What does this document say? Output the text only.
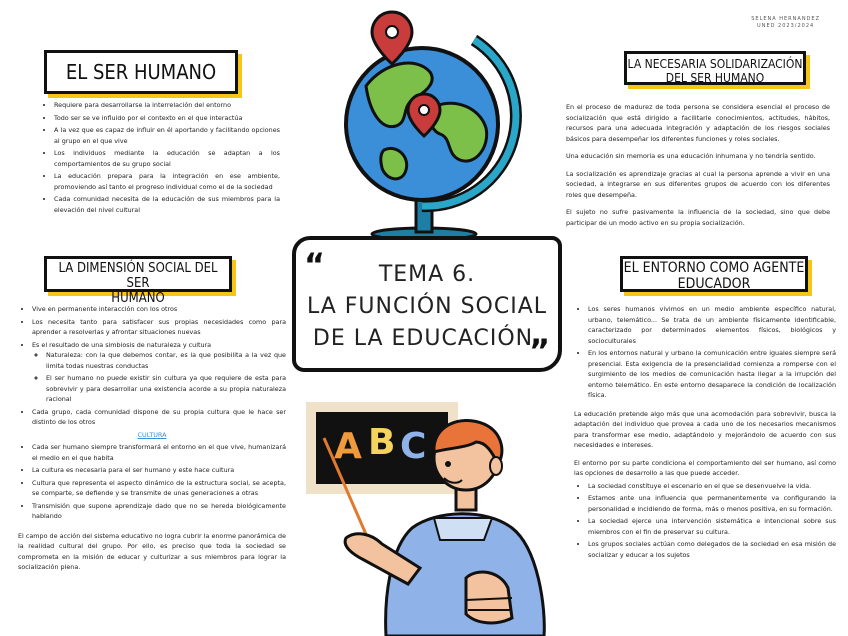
SELENA HERNANDEZ
UNED 2023/2024
EL SER HUMANO
• Requiere para desarrollarse la interrelación del entorno
• Todo ser se ve influido por el contexto en el que interactúa
• A la vez que es capaz de influir en él aportando y facilitando opciones al grupo en el que vive
• Los individuos mediante la educación se adaptan a los comportamientos de su grupo social
• La educación prepara para la integración en ese ambiente, promoviendo así tanto el progreso individual como el de la sociedad
• Cada comunidad necesita de la educación de sus miembros para la elevación del nivel cultural
LA DIMENSIÓN SOCIAL DEL SER
HUMANO
• Vive en permanente interacción con los otros
• Los necesita tanto para satisfacer sus propias necesidades como para aprender a resolverlas y afrontar situaciones nuevas
• Es el resultado de una simbiosis de naturaleza y cultura
◦ Naturaleza: con la que debemos contar, es la que posibilita a la vez que limita todas nuestras conductas
◦ El ser humano no puede existir sin cultura ya que requiere de esta para sobrevivir y para desarrollar una existencia acorde a su propia naturaleza racional
• Cada grupo, cada comunidad dispone de su propia cultura que le hace ser distinto de los otros
CULTURA
• Cada ser humano siempre transformará el entorno en el que vive, humanizará el medio en el que habita
• La cultura es necesaria para el ser humano y este hace cultura
• Cultura que representa el aspecto dinámico de la estructura social, se acepta, se comparte, se defiende y se transmite de unas generaciones a otras
• Transmisión que supone aprendizaje dado que no se hereda biológicamente hablando

El campo de acción del sistema educativo no logra cubrir la enorme panorámica de la realidad cultural del grupo. Por ello, es preciso que toda la sociedad se comprometa en la misión de educar y culturizar a sus miembros para lograr la socialización plena.

LA NECESARIA SOLIDARIZACIÓN
DEL SER HUMANO

En el proceso de madurez de toda persona se considera esencial el proceso de socialización que está dirigido a facilitarle conocimientos, actitudes, hábitos, recursos para una adecuada integración y adaptación de los riesgos sociales básicos para desempeñar los diferentes funciones y roles sociales.

Una educación sin memoria es una educación inhumana y no tendría sentido.

La socialización es aprendizaje gracias al cual la persona aprende a vivir en una sociedad, a integrarse en sus diferentes grupos de acuerdo con los diferentes roles que desempeña.

El sujeto no sufre pasivamente la influencia de la sociedad, sino que debe participar de un modo activo en su propia socialización.

EL ENTORNO COMO AGENTE
EDUCADOR
• Los seres humanos vivimos en un medio ambiente específico natural, urbano, telemático... Se trata de un ambiente físicamente identificable, caracterizado por determinados elementos físicos, biológicos y socioculturales
• En los entornos natural y urbano la comunicación entre iguales siempre será presencial. Esta exigencia de la presencialidad comienza a romperse con el surgimiento de los medios de comunicación hasta llegar a la irrupción del entorno telemático. En este entorno desaparece la condición de localización física.

La educación pretende algo más que una acomodación para sobrevivir, busca la adaptación del individuo que provea a cada uno de los necesarios mecanismos para transformar ese medio, adaptándolo y mejorándolo de acuerdo con sus necesidades e intereses.

El entorno por su parte condiciona el comportamiento del ser humano, así como las opciones de desarrollo a las que puede acceder.

• La sociedad constituye el escenario en el que se desenvuelve la vida.
• Estamos ante una influencia que permanentemente va configurando la personalidad e incidiendo de forma, más o menos positiva, en su formación.
• La sociedad ejerce una intervención sistemática e intencional sobre sus miembros con el fin de preservar su cultura.
• Los grupos sociales actúan como delegados de la sociedad en esa misión de socializar y educar a los sujetos
“	TEMA 6.
LA FUNCIÓN SOCIAL
DE LA EDUCACIÓN.
”
A B C
